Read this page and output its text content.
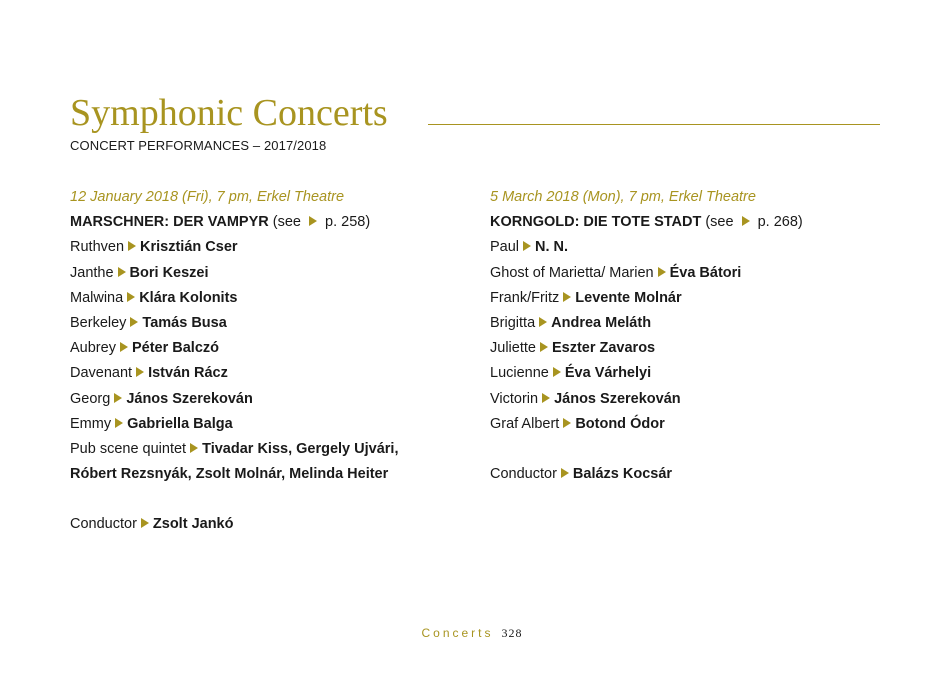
Symphonic Concerts
CONCERT PERFORMANCES – 2017/2018
12 January 2018 (Fri), 7 pm, Erkel Theatre
MARSCHNER: DER VAMPYR (see  p. 258)
Ruthven Krisztián Cser
Janthe Bori Keszei
Malwina Klára Kolonits
Berkeley Tamás Busa
Aubrey Péter Balczó
Davenant István Rácz
Georg János Szerekován
Emmy Gabriella Balga
Pub scene quintet Tivadar Kiss, Gergely Ujvári,
Róbert Rezsnyák, Zsolt Molnár, Melinda Heiter
Conductor Zsolt Jankó
5 March 2018 (Mon), 7 pm, Erkel Theatre
KORNGOLD: DIE TOTE STADT (see  p. 268)
Paul N. N.
Ghost of Marietta/ Marien Éva Bátori
Frank/Fritz Levente Molnár
Brigitta Andrea Meláth
Juliette Eszter Zavaros
Lucienne Éva Várhelyi
Victorin János Szerekován
Graf Albert Botond Ódor
Conductor Balázs Kocsár
Concerts 328
